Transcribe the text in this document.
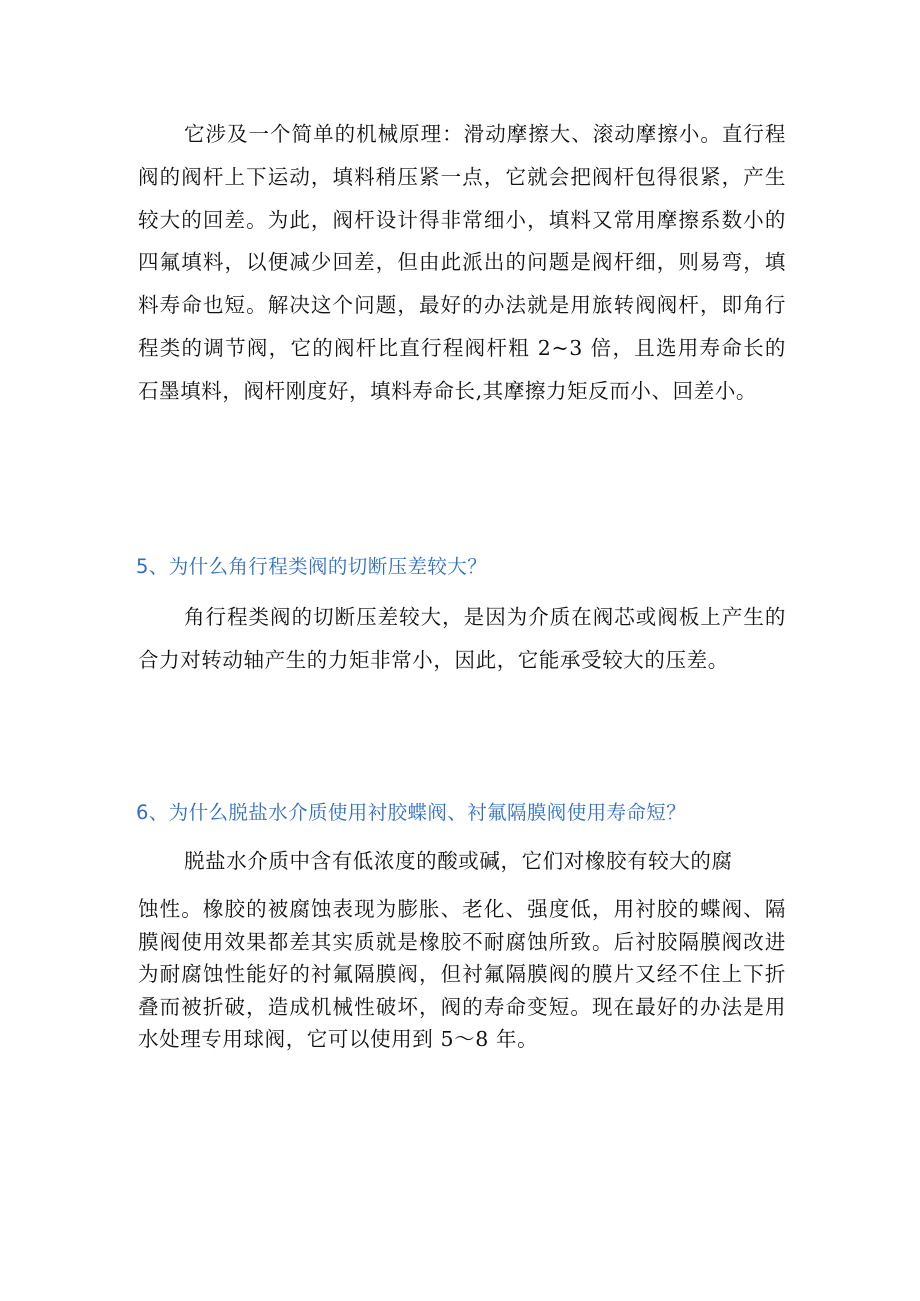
它涉及一个简单的机械原理：滑动摩擦大、滚动摩擦小。直行程阀的阀杆上下运动，填料稍压紧一点，它就会把阀杆包得很紧，产生较大的回差。为此，阀杆设计得非常细小，填料又常用摩擦系数小的四氟填料，以便减少回差，但由此派出的问题是阀杆细，则易弯，填料寿命也短。解决这个问题，最好的办法就是用旅转阀阀杆，即角行程类的调节阀，它的阀杆比直行程阀杆粗 2~3 倍，且选用寿命长的石墨填料，阀杆刚度好，填料寿命长,其摩擦力矩反而小、回差小。

5、为什么角行程类阀的切断压差较大？

角行程类阀的切断压差较大，是因为介质在阀芯或阀板上产生的合力对转动轴产生的力矩非常小，因此，它能承受较大的压差。

6、为什么脱盐水介质使用衬胶蝶阀、衬氟隔膜阀使用寿命短？

脱盐水介质中含有低浓度的酸或碱，它们对橡胶有较大的腐

蚀性。橡胶的被腐蚀表现为膨胀、老化、强度低，用衬胶的蝶阀、隔膜阀使用效果都差其实质就是橡胶不耐腐蚀所致。后衬胶隔膜阀改进为耐腐蚀性能好的衬氟隔膜阀，但衬氟隔膜阀的膜片又经不住上下折叠而被折破，造成机械性破坏，阀的寿命变短。现在最好的办法是用水处理专用球阀，它可以使用到 5～8 年。
